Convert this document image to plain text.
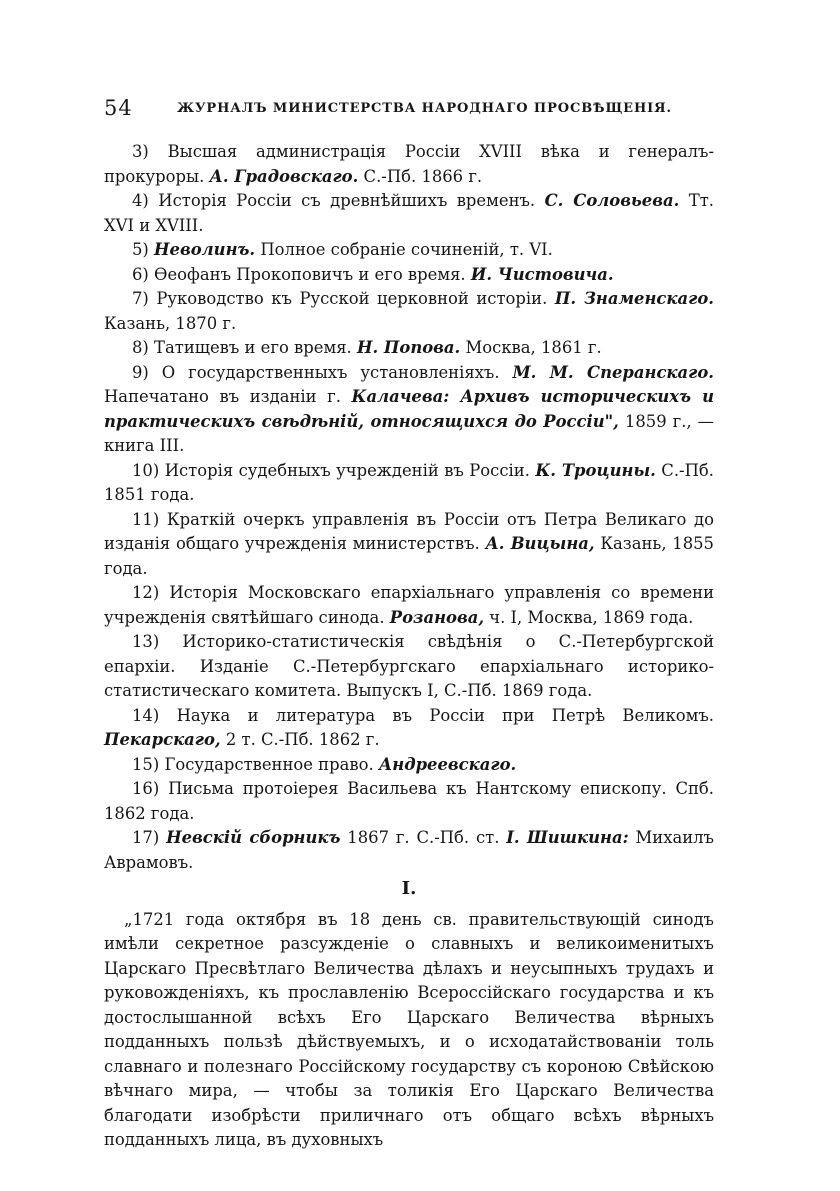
54	ЖУРНАЛЪ МИНИСТЕРСТВА НАРОДНАГО ПРОСВѢЩЕНІЯ.

3) Высшая администрація Россіи XVIII вѣка и генералъ-прокуроры. А. Градовскаго. С.-Пб. 1866 г.

4) Исторія Россіи съ древнѣйшихъ временъ. С. Соловьева. Тт. XVI и XVIII.

5) Неволинъ. Полное собраніе сочиненій, т. VI.

6) Ѳеофанъ Прокоповичъ и его время. И. Чистовича.

7) Руководство къ Русской церковной исторіи. П. Знаменскаго. Казань, 1870 г.

8) Татищевъ и его время. Н. Попова. Москва, 1861 г.

9) О государственныхъ установленіяхъ. М. М. Сперанскаго. Напечатано въ изданіи г. Калачева: Архивъ историческихъ и практическихъ свѣдѣній, относящихся до Россіи", 1859 г., — книга III.

10) Исторія судебныхъ учрежденій въ Россіи. К. Троцины. С.-Пб. 1851 года.

11) Краткій очеркъ управленія въ Россіи отъ Петра Великаго до изданія общаго учрежденія министерствъ. А. Вицына, Казань, 1855 года.

12) Исторія Московскаго епархіальнаго управленія со времени учрежденія святѣйшаго синода. Розанова, ч. I, Москва, 1869 года.

13) Историко-статистическія свѣдѣнія о С.-Петербургской епархіи. Изданіе С.-Петербургскаго епархіальнаго историко-статистическаго комитета. Выпускъ I, С.-Пб. 1869 года.

14) Наука и литература въ Россіи при Петрѣ Великомъ. Пекарскаго, 2 т. С.-Пб. 1862 г.

15) Государственное право. Андреевскаго.

16) Письма протоіерея Васильева къ Нантскому епископу. Спб. 1862 года.

17) Невскій сборникъ 1867 г. С.-Пб. ст. І. Шишкина: Михаилъ Аврамовъ.

I.

„1721 года октября въ 18 день св. правительствующій синодъ имѣли секретное разсужденіе о славныхъ и великоименитыхъ Царскаго Пресвѣтлаго Величества дѣлахъ и неусыпныхъ трудахъ и руковожденіяхъ, къ прославленію Всероссійскаго государства и къ достослышанной всѣхъ Его Царскаго Величества вѣрныхъ подданныхъ пользѣ дѣйствуемыхъ, и о исходатайствованіи толь славнаго и полезнаго Россійскому государству съ короною Свѣйскою вѣчнаго мира, — чтобы за толикія Его Царскаго Величества благодати изобрѣсти приличнаго отъ общаго всѣхъ вѣрныхъ подданныхъ лица, въ духовныхъ
